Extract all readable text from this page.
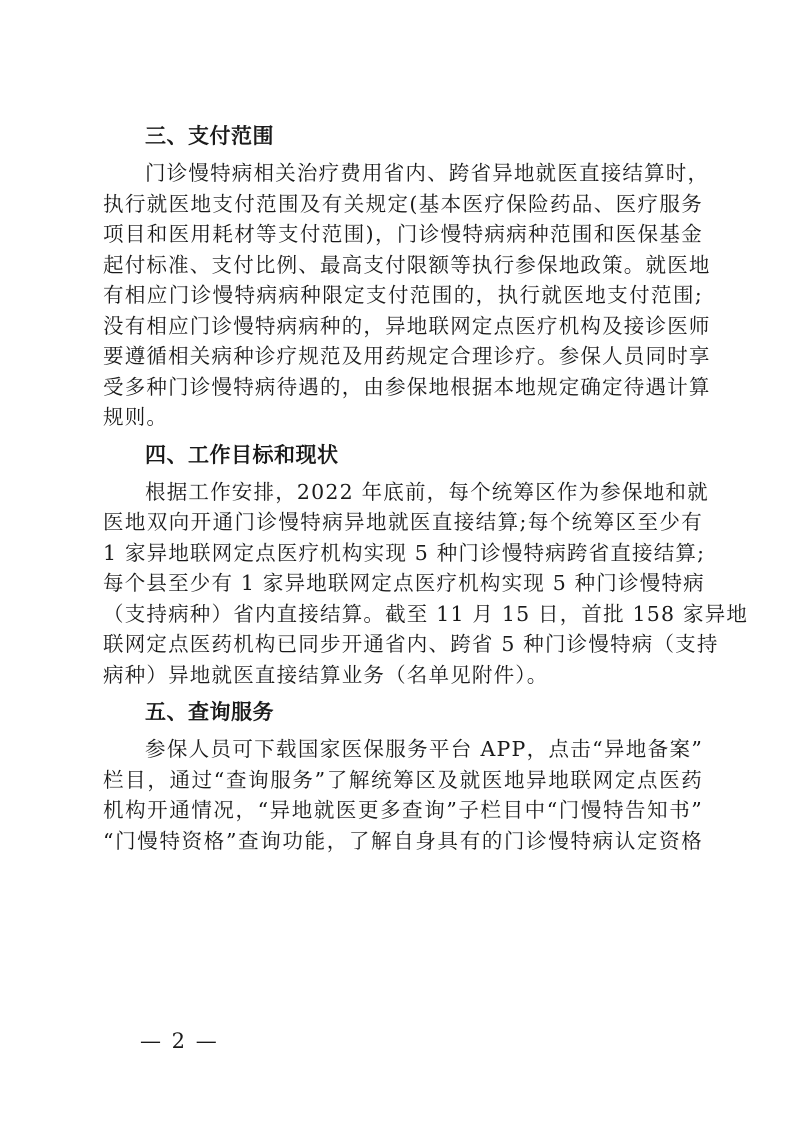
三、支付范围
门诊慢特病相关治疗费用省内、跨省异地就医直接结算时，
执行就医地支付范围及有关规定(基本医疗保险药品、医疗服务
项目和医用耗材等支付范围)，门诊慢特病病种范围和医保基金
起付标准、支付比例、最高支付限额等执行参保地政策。就医地
有相应门诊慢特病病种限定支付范围的，执行就医地支付范围;
没有相应门诊慢特病病种的，异地联网定点医疗机构及接诊医师
要遵循相关病种诊疗规范及用药规定合理诊疗。参保人员同时享
受多种门诊慢特病待遇的，由参保地根据本地规定确定待遇计算
规则。
四、工作目标和现状
根据工作安排，2022 年底前，每个统筹区作为参保地和就
医地双向开通门诊慢特病异地就医直接结算;每个统筹区至少有
1 家异地联网定点医疗机构实现 5 种门诊慢特病跨省直接结算;
每个县至少有 1 家异地联网定点医疗机构实现 5 种门诊慢特病
（支持病种）省内直接结算。截至 11 月 15 日，首批 158 家异地
联网定点医药机构已同步开通省内、跨省 5 种门诊慢特病（支持
病种）异地就医直接结算业务（名单见附件）。
五、查询服务
参保人员可下载国家医保服务平台 APP，点击“异地备案”
栏目，通过“查询服务”了解统筹区及就医地异地联网定点医药
机构开通情况，“异地就医更多查询”子栏目中“门慢特告知书”
“门慢特资格”查询功能，了解自身具有的门诊慢特病认定资格
— 2 —
